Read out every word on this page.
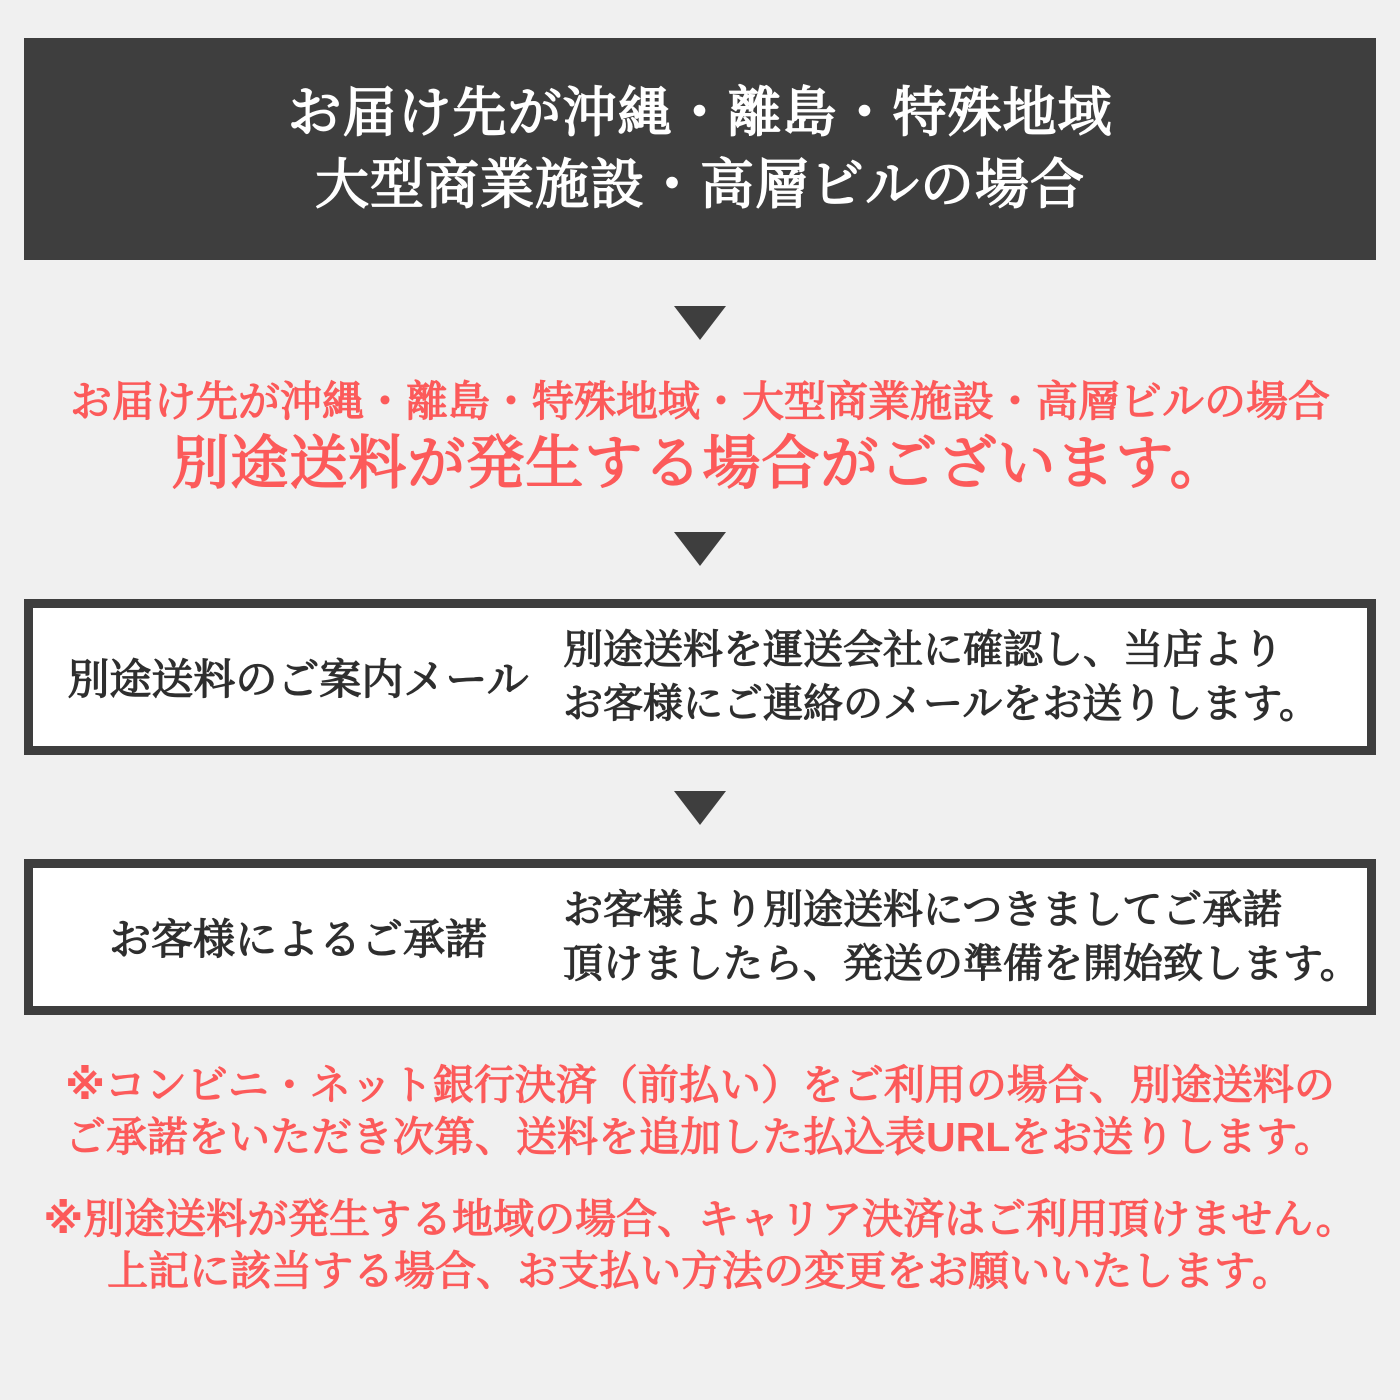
お届け先が沖縄・離島・特殊地域
大型商業施設・高層ビルの場合
お届け先が沖縄・離島・特殊地域・大型商業施設・高層ビルの場合
別途送料が発生する場合がございます。
別途送料のご案内メール
別途送料を運送会社に確認し、当店より
お客様にご連絡のメールをお送りします。
お客様によるご承諾
お客様より別途送料につきましてご承諾
頂けましたら、発送の準備を開始致します。
※コンビニ・ネット銀行決済（前払い）をご利用の場合、別途送料の
ご承諾をいただき次第、送料を追加した払込表URLをお送りします。
※別途送料が発生する地域の場合、キャリア決済はご利用頂けません。
上記に該当する場合、お支払い方法の変更をお願いいたします。
